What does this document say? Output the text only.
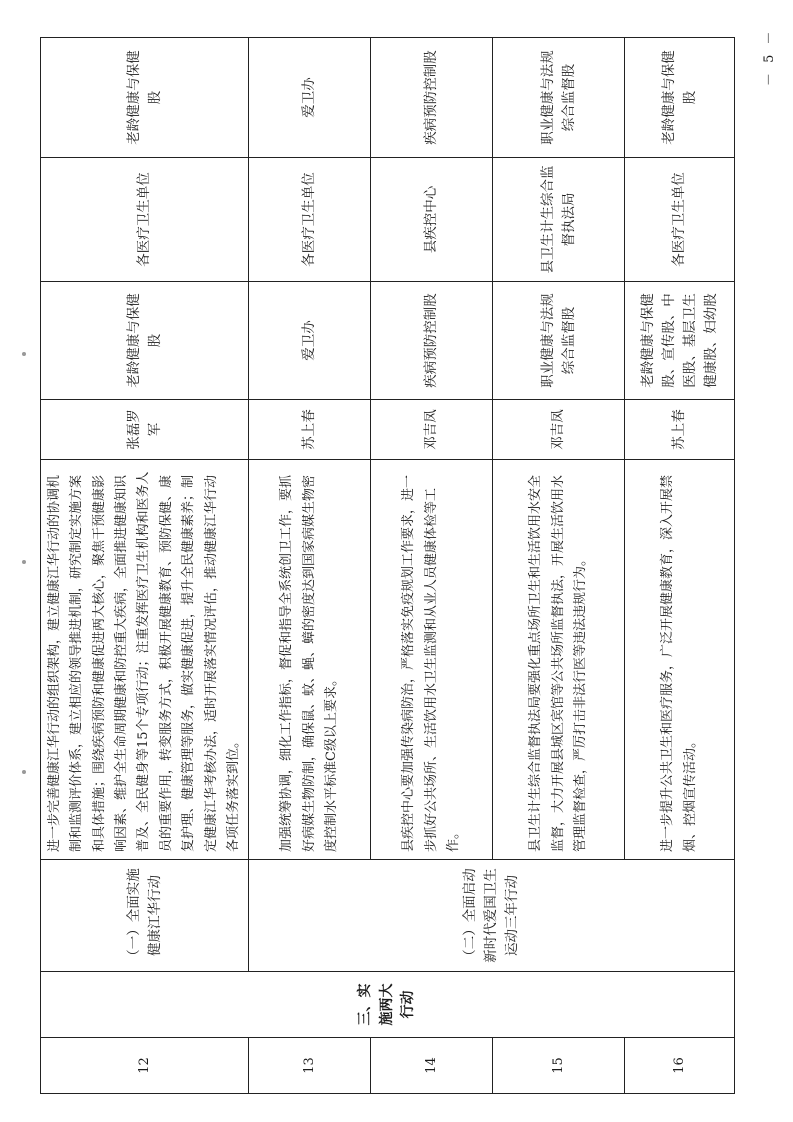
12	三、实施两大行动	（一）全面实施健康江华行动	进一步完善健康江华行动的组织架构，建立健康江华行动的协调机制和监测评价体系，建立相应的领导推进机制，研究制定实施方案和具体措施；围绕疾病预防和健康促进两大核心，聚焦干预健康影响因素、维护全生命周期健康和防控重大疾病，全面推进健康知识普及、全民健身等15个专项行动；注重发挥医疗卫生机构和医务人员的重要作用，转变服务方式，积极开展健康教育、预防保健、康复护理、健康管理等服务，做实健康促进，提升全民健康素养；制定健康江华考核办法，适时开展落实情况评估，推动健康江华行动各项任务落实到位。	张磊罗军	老龄健康与保健股	各医疗卫生单位	老龄健康与保健股
13		（二）全面启动新时代爱国卫生运动三年行动	加强统筹协调，细化工作指标，督促和指导全系统创卫工作，要抓好病媒生物防制，确保鼠、蚊、蝇、蟑的密度达到国家病媒生物密度控制水平标准C级以上要求。	苏上春	爱卫办	各医疗卫生单位	爱卫办
14			县疾控中心要加强传染病防治，严格落实免疫规划工作要求，进一步抓好公共场所、生活饮用水卫生监测和从业人员健康体检等工作。	邓吉凤	疾病预防控制股	县疾控中心	疾病预防控制股
15			县卫生计生综合监督执法局要强化重点场所卫生和生活饮用水安全监督，大力开展县城区宾馆等公共场所监督执法，开展生活饮用水管理监督检查，严厉打击非法行医等违法违规行为。	邓吉凤	职业健康与法规综合监督股	县卫生计生综合监督执法局	职业健康与法规综合监督股
16			进一步提升公共卫生和医疗服务，广泛开展健康教育，深入开展禁烟、控烟宣传活动。	苏上春	老龄健康与保健股、宣传股、中医股、基层卫生健康股、妇幼股	各医疗卫生单位	老龄健康与保健股
－ 5 －
